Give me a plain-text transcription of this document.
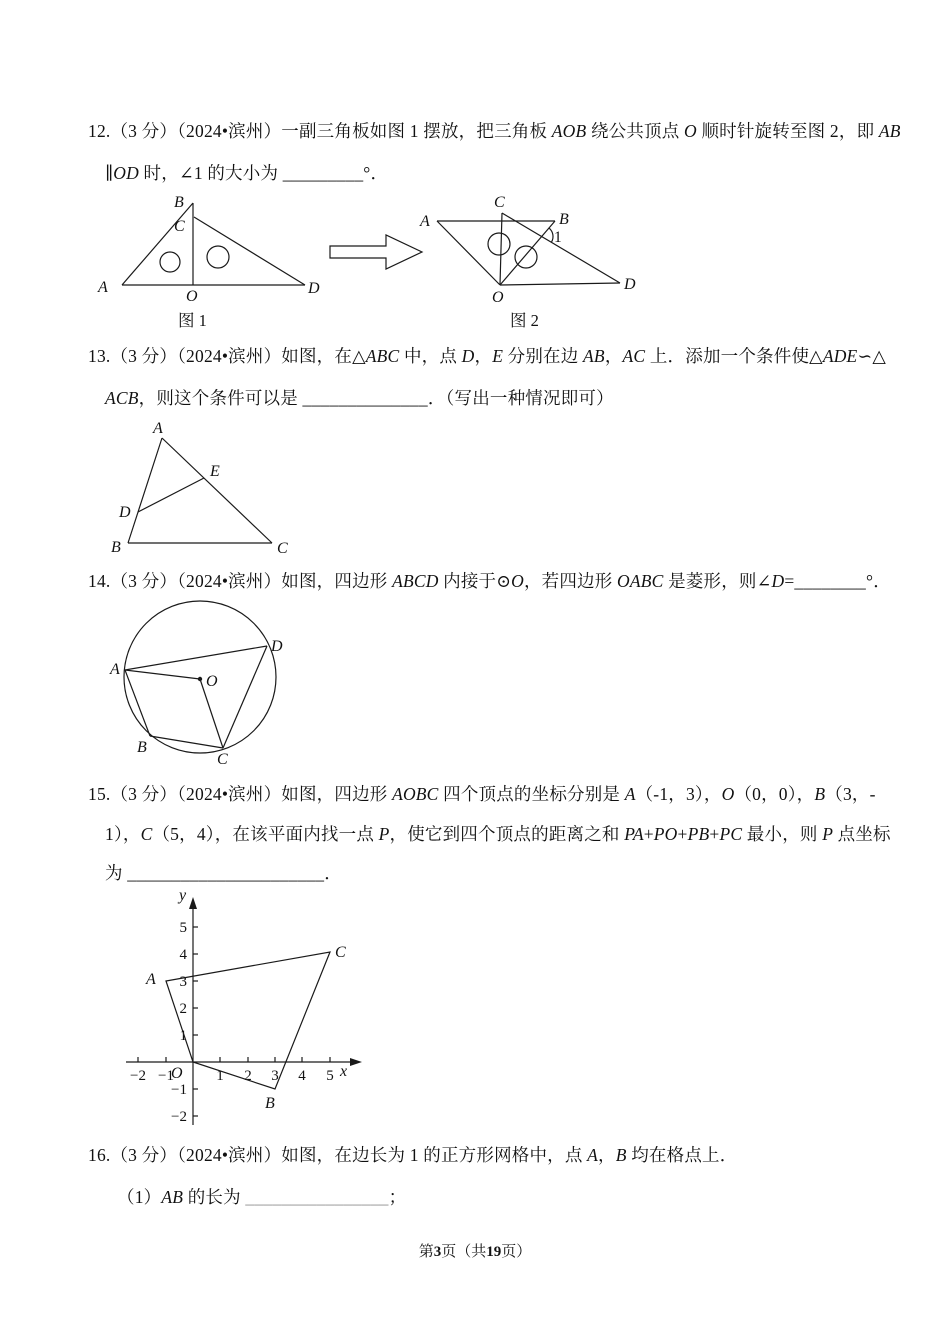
12.（3 分）（2024•滨州）一副三角板如图 1 摆放，把三角板 AOB 绕公共顶点 O 顺时针旋转至图 2，即 AB
∥OD 时，∠1 的大小为 _________°．
B
C
A
O	D
图 1
1
A
C
B
O
D
图 2
13.（3 分）（2024•滨州）如图，在△ABC 中，点 D，E 分别在边 AB，AC 上．添加一个条件使△ADE∽△
ACB，则这个条件可以是 ______________．（写出一种情况即可）
A
E
D
B	C
14.（3 分）（2024•滨州）如图，四边形 ABCD 内接于⊙O，若四边形 OABC 是菱形，则∠D=________°．
A
D
O
B
C
15.（3 分）（2024•滨州）如图，四边形 AOBC 四个顶点的坐标分别是 A（-1，3），O（0，0），B（3，-
1），C（5，4），在该平面内找一点 P，使它到四个顶点的距离之和 PA+PO+PB+PC 最小，则 P 点坐标
为 ______________________．
−2 −1	1 2 3 4 5
5
4
3
2
1
−1
−2
O	x
y
A
B
C
16.（3 分）（2024•滨州）如图，在边长为 1 的正方形网格中，点 A，B 均在格点上．
（1）AB 的长为 ________________；
第3页（共19页）
